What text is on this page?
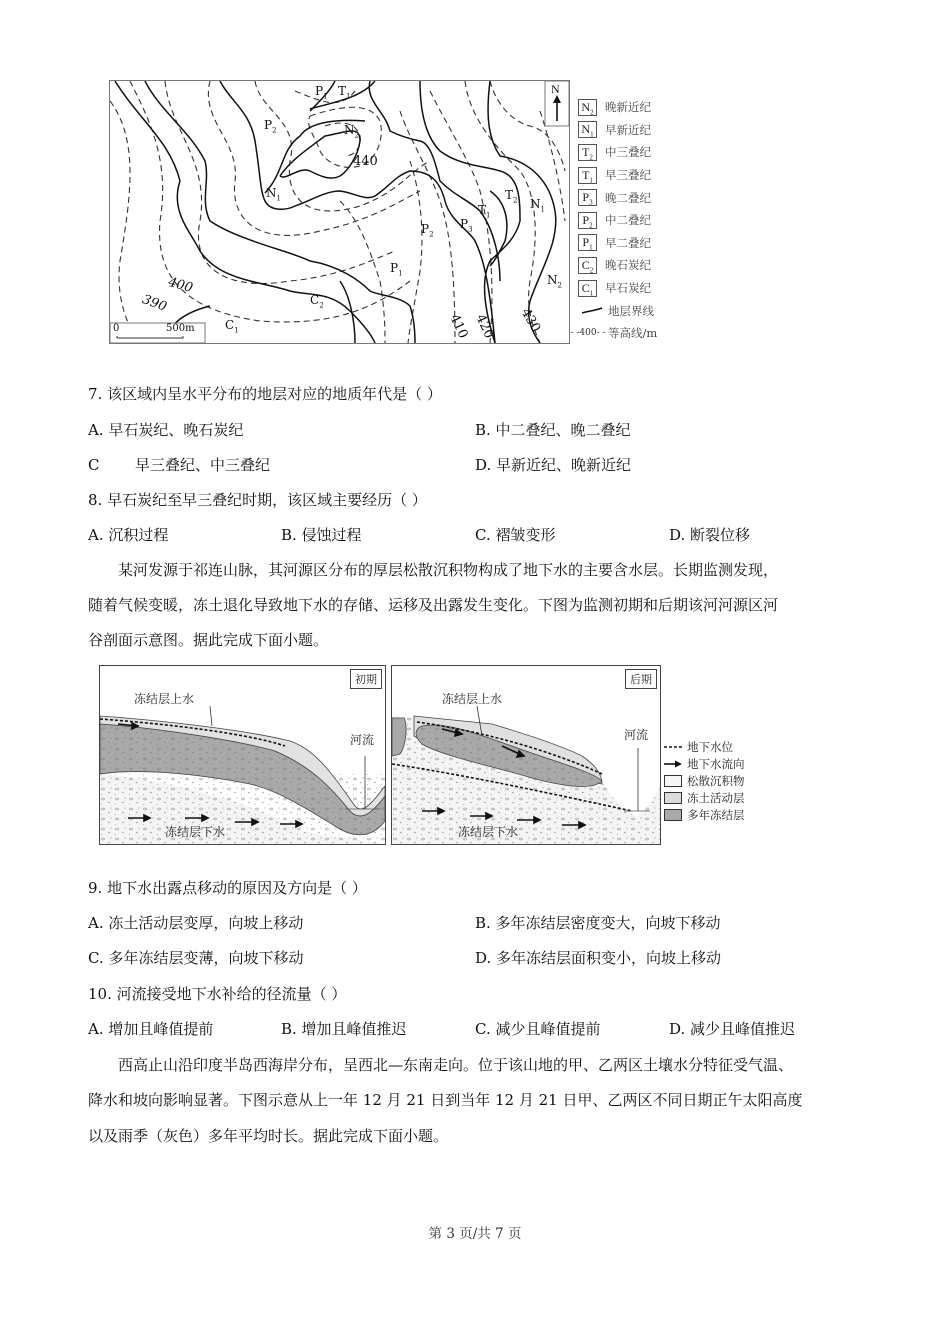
N
0	500m
390
400
410 420 430
440
$P_1$ $T_1$
$P_2$	$N_2$
$N_1$	$T_2$ $N_1$
$T_1$
$P_2$
$P_3$
$P_1$	$N_2$
$C_2$
$C_1$
$N_2$ 晚新近纪
$N_1$ 早新近纪
$T_2$	中三叠纪
$T_1$	早三叠纪
$P_3$	晚二叠纪
$P_2$	中二叠纪
$P_1$	早二叠纪
$C_2$	晚石炭纪
$C_1$	早石炭纪
地层界线
- - 400 - - 等高线/m
7. 该区域内呈水平分布的地层对应的地质年代是（ ）
A. 早石炭纪、晚石炭纪	B. 中二叠纪、晚二叠纪
C 早三叠纪、中三叠纪	D. 早新近纪、晚新近纪
8. 早石炭纪至早三叠纪时期，该区域主要经历（ ）
A. 沉积过程	B. 侵蚀过程	C. 褶皱变形	D. 断裂位移
某河发源于祁连山脉，其河源区分布的厚层松散沉积物构成了地下水的主要含水层。长期监测发现，
随着气候变暖，冻土退化导致地下水的存储、运移及出露发生变化。下图为监测初期和后期该河河源区河
谷剖面示意图。据此完成下面小题。
初期
冻结层上水
河流
冻结层下水
后期
冻结层上水
河流
冻结层下水
地下水位
地下水流向
松散沉积物
冻土活动层
多年冻结层
9. 地下水出露点移动的原因及方向是（ ）
A. 冻土活动层变厚，向坡上移动	B. 多年冻结层密度变大，向坡下移动
C. 多年冻结层变薄，向坡下移动	D. 多年冻结层面积变小，向坡上移动
10. 河流接受地下水补给的径流量（ ）
A. 增加且峰值提前	B. 增加且峰值推迟	C. 减少且峰值提前	D. 减少且峰值推迟
西高止山沿印度半岛西海岸分布，呈西北—东南走向。位于该山地的甲、乙两区土壤水分特征受气温、
降水和坡向影响显著。下图示意从上一年 12 月 21 日到当年 12 月 21 日甲、乙两区不同日期正午太阳高度
以及雨季（灰色）多年平均时长。据此完成下面小题。
第 3 页/共 7 页
